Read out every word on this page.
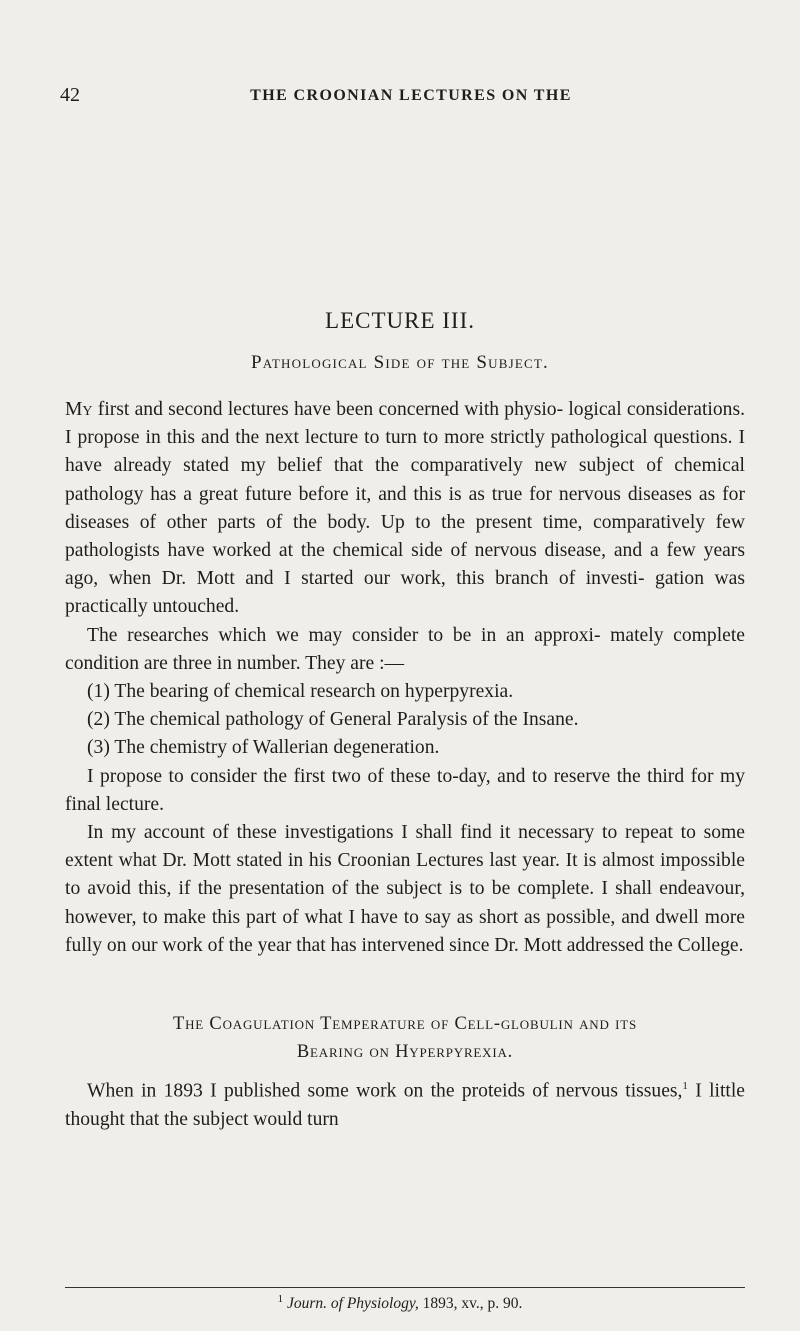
42	THE CROONIAN LECTURES ON THE
LECTURE III.
Pathological Side of the Subject.

My first and second lectures have been concerned with physio- logical considerations. I propose in this and the next lecture to turn to more strictly pathological questions. I have already stated my belief that the comparatively new subject of chemical pathology has a great future before it, and this is as true for nervous diseases as for diseases of other parts of the body. Up to the present time, comparatively few pathologists have worked at the chemical side of nervous disease, and a few years ago, when Dr. Mott and I started our work, this branch of investi- gation was practically untouched.

The researches which we may consider to be in an approxi- mately complete condition are three in number. They are :—

(1) The bearing of chemical research on hyperpyrexia.
(2) The chemical pathology of General Paralysis of the Insane.
(3) The chemistry of Wallerian degeneration.

I propose to consider the first two of these to-day, and to reserve the third for my final lecture.

In my account of these investigations I shall find it necessary to repeat to some extent what Dr. Mott stated in his Croonian Lectures last year. It is almost impossible to avoid this, if the presentation of the subject is to be complete. I shall endeavour, however, to make this part of what I have to say as short as possible, and dwell more fully on our work of the year that has intervened since Dr. Mott addressed the College.

The Coagulation Temperature of Cell-globulin and its
Bearing on Hyperpyrexia.

When in 1893 I published some work on the proteids of nervous tissues,$^1$ I little thought that the subject would turn

$^1$ Journ. of Physiology, 1893, xv., p. 90.
